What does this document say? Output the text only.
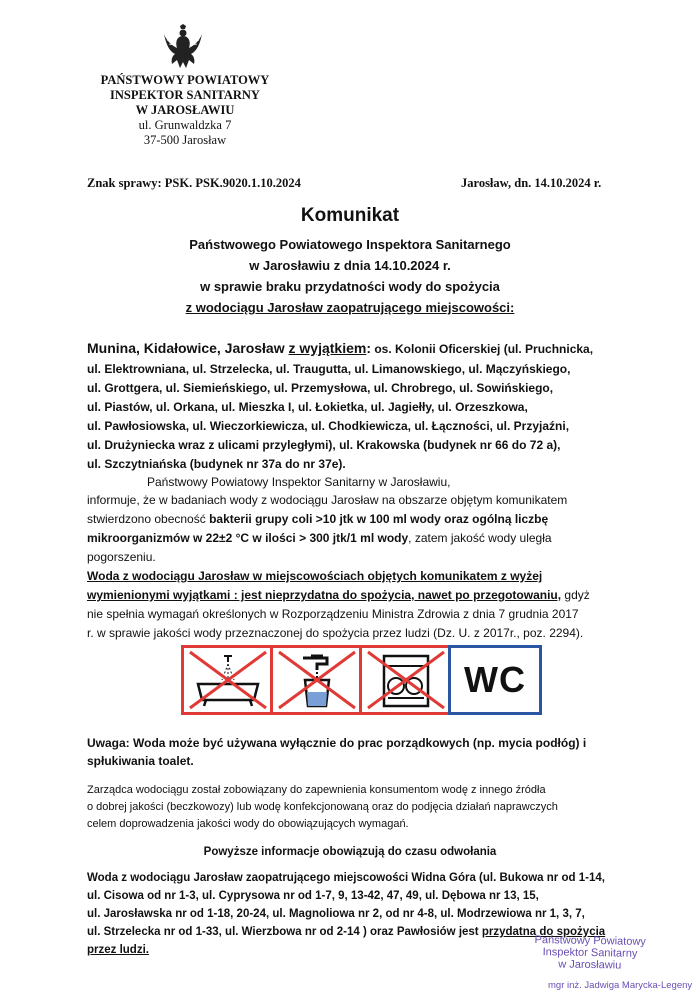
PAŃSTWOWY POWIATOWY
INSPEKTOR SANITARNY
W JAROSŁAWIU
ul. Grunwaldzka 7
37-500 Jarosław
Znak sprawy: PSK. PSK.9020.1.10.2024	Jarosław, dn. 14.10.2024 r.
Komunikat
Państwowego Powiatowego Inspektora Sanitarnego
w Jarosławiu z dnia 14.10.2024 r.
w sprawie braku przydatności wody do spożycia
z wodociągu Jarosław zaopatrującego miejscowości:
Munina, Kidałowice, Jarosław z wyjątkiem: os. Kolonii Oficerskiej (ul. Pruchnicka,
ul. Elektrowniana, ul. Strzelecka, ul. Traugutta, ul. Limanowskiego, ul. Mączyńskiego,
ul. Grottgera, ul. Siemieńskiego, ul. Przemysłowa, ul. Chrobrego, ul. Sowińskiego,
ul. Piastów, ul. Orkana, ul. Mieszka I, ul. Łokietka, ul. Jagiełły, ul. Orzeszkowa,
ul. Pawłosiowska, ul. Wieczorkiewicza, ul. Chodkiewicza, ul. Łączności, ul. Przyjaźni,
ul. Drużyniecka wraz z ulicami przyległymi), ul. Krakowska (budynek nr 66 do 72 a),
ul. Szczytniańska (budynek nr 37a do nr 37e).
Państwowy Powiatowy Inspektor Sanitarny w Jarosławiu,
informuje, że w badaniach wody z wodociągu Jarosław na obszarze objętym komunikatem
stwierdzono obecność bakterii grupy coli >10 jtk w 100 ml wody oraz ogólną liczbę
mikroorganizmów w 22±2 °C w ilości > 300 jtk/1 ml wody, zatem jakość wody uległa
pogorszeniu.
Woda z wodociągu Jarosław w miejscowościach objętych komunikatem z wyżej
wymienionymi wyjątkami : jest nieprzydatna do spożycia, nawet po przegotowaniu, gdyż
nie spełnia wymagań określonych w Rozporządzeniu Ministra Zdrowia z dnia 7 grudnia 2017
r. w sprawie jakości wody przeznaczonej do spożycia przez ludzi (Dz. U. z 2017r., poz. 2294).
WC
Uwaga: Woda może być używana wyłącznie do prac porządkowych (np. mycia podłóg) i
spłukiwania toalet.
Zarządca wodociągu został zobowiązany do zapewnienia konsumentom wodę z innego źródła
o dobrej jakości (beczkowozy) lub wodę konfekcjonowaną oraz do podjęcia działań naprawczych
celem doprowadzenia jakości wody do obowiązujących wymagań.
Powyższe informacje obowiązują do czasu odwołania
Woda z wodociągu Jarosław zaopatrującego miejscowości Widna Góra (ul. Bukowa nr od 1-14,
ul. Cisowa od nr 1-3, ul. Cyprysowa nr od 1-7, 9, 13-42, 47, 49, ul. Dębowa nr 13, 15,
ul. Jarosławska nr od 1-18, 20-24, ul. Magnoliowa nr 2, od nr 4-8, ul. Modrzewiowa nr 1, 3, 7,
ul. Strzelecka nr od 1-33, ul. Wierzbowa nr od 2-14 ) oraz Pawłosiów jest przydatna do spożycia
przez ludzi.
Państwowy Powiatowy
Inspektor Sanitarny
w Jarosławiu
mgr inż. Jadwiga Marycka-Legeny
